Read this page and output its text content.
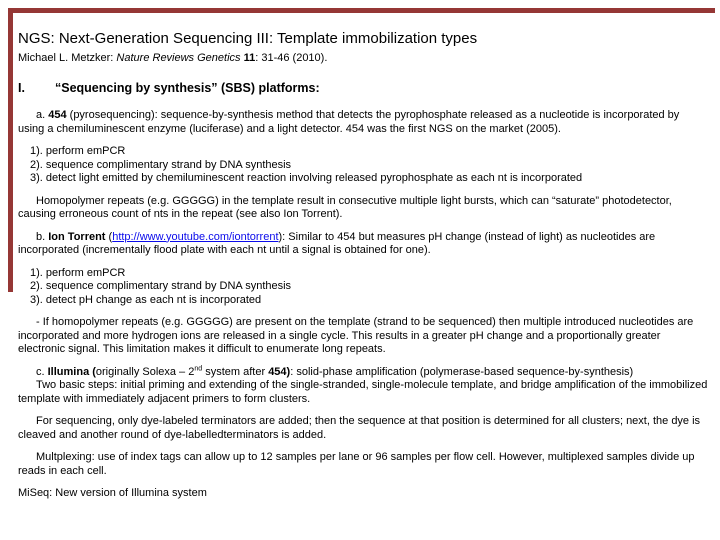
NGS: Next-Generation Sequencing III: Template immobilization types

Michael L. Metzker: Nature Reviews Genetics 11: 31-46 (2010).

I.	“Sequencing by synthesis” (SBS) platforms:

a. 454 (pyrosequencing): sequence-by-synthesis method that detects the pyrophosphate released as a nucleotide is incorporated by using a chemiluminescent enzyme (luciferase) and a light detector. 454 was the first NGS on the market (2005).

1). perform emPCR
2). sequence complimentary strand by DNA synthesis
3). detect light emitted by chemiluminescent reaction involving released pyrophosphate as each nt is incorporated

Homopolymer repeats (e.g. GGGGG) in the template result in consecutive multiple light bursts, which can “saturate” photodetector, causing erroneous count of nts in the repeat (see also Ion Torrent).

b. Ion Torrent (http://www.youtube.com/iontorrent): Similar to 454 but measures pH change (instead of light) as nucleotides are incorporated (incrementally flood plate with each nt until a signal is obtained for one).

1). perform emPCR
2). sequence complimentary strand by DNA synthesis
3). detect pH change as each nt is incorporated

- If homopolymer repeats (e.g. GGGGG) are present on the template (strand to be sequenced) then multiple introduced nucleotides are incorporated and more hydrogen ions are released in a single cycle. This results in a greater pH change and a proportionally greater electronic signal. This limitation makes it difficult to enumerate long repeats.

c. Illumina (originally Solexa – 2nd system after 454): solid-phase amplification (polymerase-based sequence-by-synthesis)

Two basic steps: initial priming and extending of the single-stranded, single-molecule template, and bridge amplification of the immobilized template with immediately adjacent primers to form clusters.

For sequencing, only dye-labeled terminators are added; then the sequence at that position is determined for all clusters; next, the dye is cleaved and another round of dye-labelledterminators is added.

Multplexing: use of index tags can allow up to 12 samples per lane or 96 samples per flow cell. However, multiplexed samples divide up reads in each cell.

MiSeq: New version of Illumina system
